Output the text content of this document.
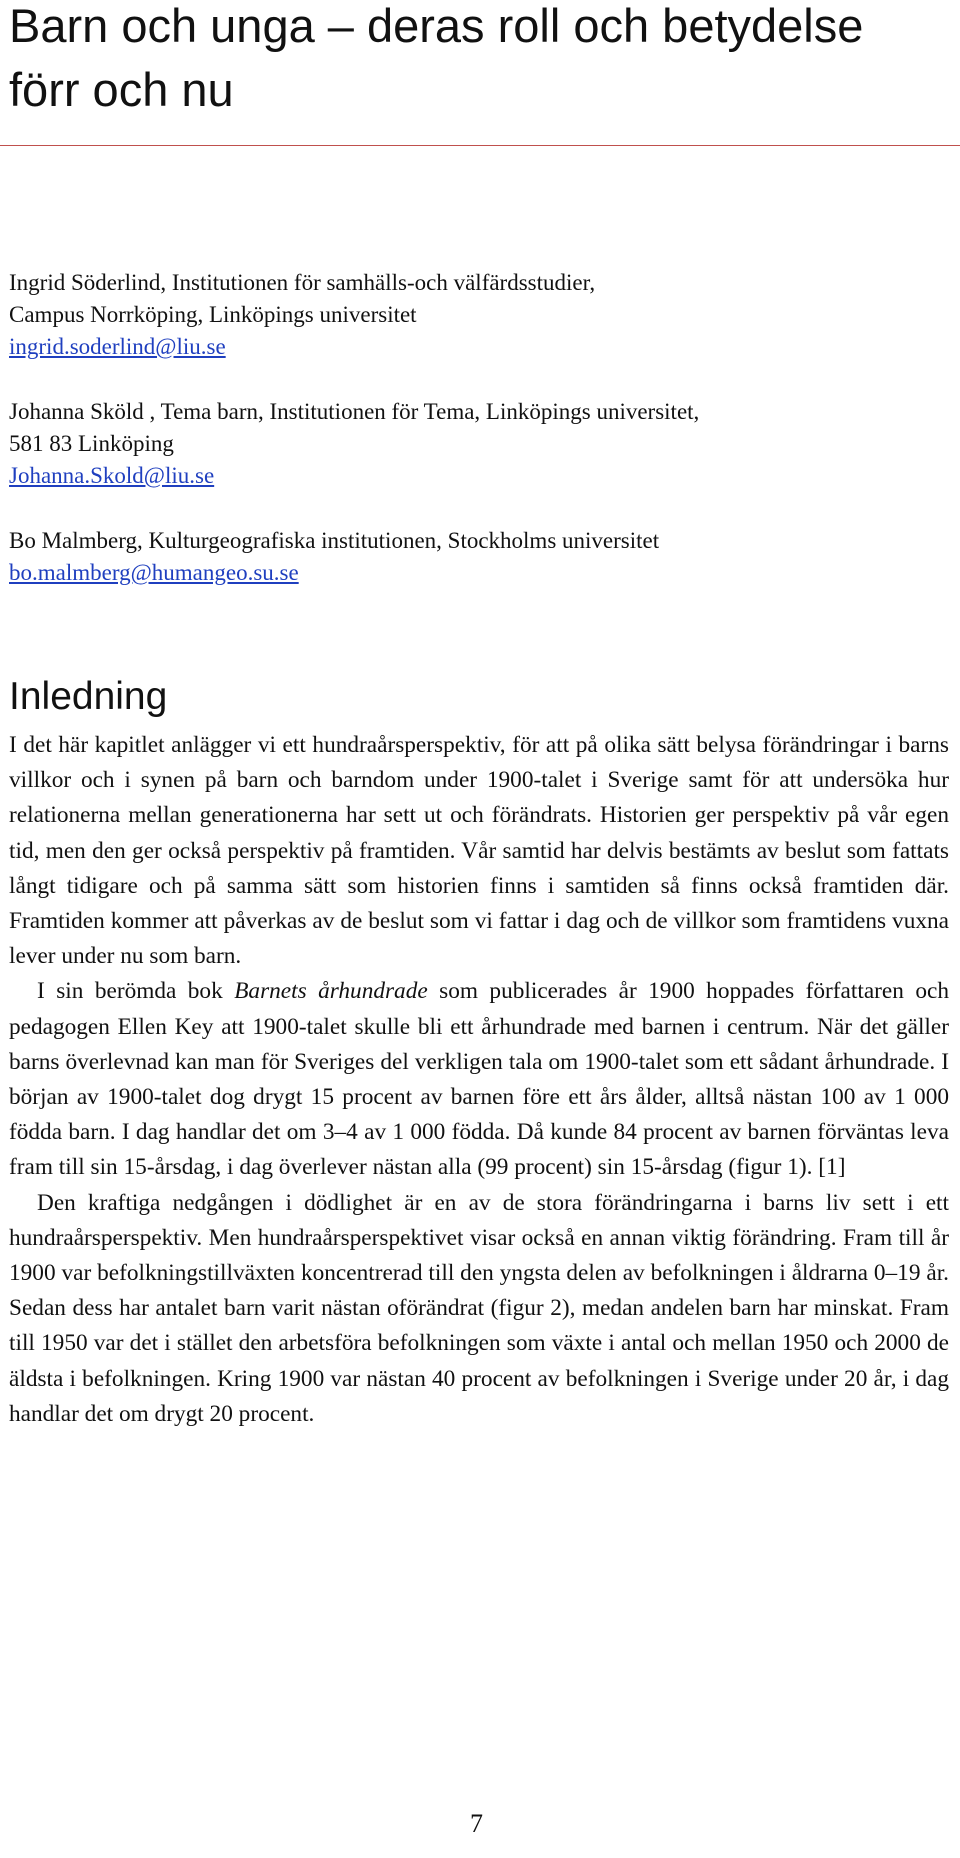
Barn och unga – deras roll och betydelse förr och nu
Ingrid Söderlind, Institutionen för samhälls-och välfärdsstudier,
Campus Norrköping, Linköpings universitet
ingrid.soderlind@liu.se
Johanna Sköld , Tema barn, Institutionen för Tema, Linköpings universitet,
581 83 Linköping
Johanna.Skold@liu.se
Bo Malmberg, Kulturgeografiska institutionen, Stockholms universitet
bo.malmberg@humangeo.su.se
Inledning

I det här kapitlet anlägger vi ett hundraårsperspektiv, för att på olika sätt belysa förändringar i barns villkor och i synen på barn och barndom under 1900-talet i Sverige samt för att undersöka hur relationerna mellan generationerna har sett ut och förändrats. Historien ger perspektiv på vår egen tid, men den ger också perspektiv på framtiden. Vår samtid har delvis bestämts av beslut som fattats långt tidigare och på samma sätt som historien finns i samtiden så finns också framtiden där. Framtiden kommer att påverkas av de beslut som vi fattar i dag och de villkor som framtidens vuxna lever under nu som barn.

I sin berömda bok Barnets århundrade som publicerades år 1900 hoppades författaren och pedagogen Ellen Key att 1900-talet skulle bli ett århundrade med barnen i centrum. När det gäller barns överlevnad kan man för Sveriges del verkligen tala om 1900-talet som ett sådant århundrade. I början av 1900-talet dog drygt 15 procent av barnen före ett års ålder, alltså nästan 100 av 1 000 födda barn. I dag handlar det om 3–4 av 1 000 födda. Då kunde 84 procent av barnen förväntas leva fram till sin 15-årsdag, i dag överlever nästan alla (99 procent) sin 15-årsdag (figur 1). [1]

Den kraftiga nedgången i dödlighet är en av de stora förändringarna i barns liv sett i ett hundraårsperspektiv. Men hundraårsperspektivet visar också en annan viktig förändring. Fram till år 1900 var befolkningstillväxten koncentrerad till den yngsta delen av befolkningen i åldrarna 0–19 år. Sedan dess har antalet barn varit nästan oförändrat (figur 2), medan andelen barn har minskat. Fram till 1950 var det i stället den arbetsföra befolkningen som växte i antal och mellan 1950 och 2000 de äldsta i befolkningen. Kring 1900 var nästan 40 procent av befolkningen i Sverige under 20 år, i dag handlar det om drygt 20 procent.

7
